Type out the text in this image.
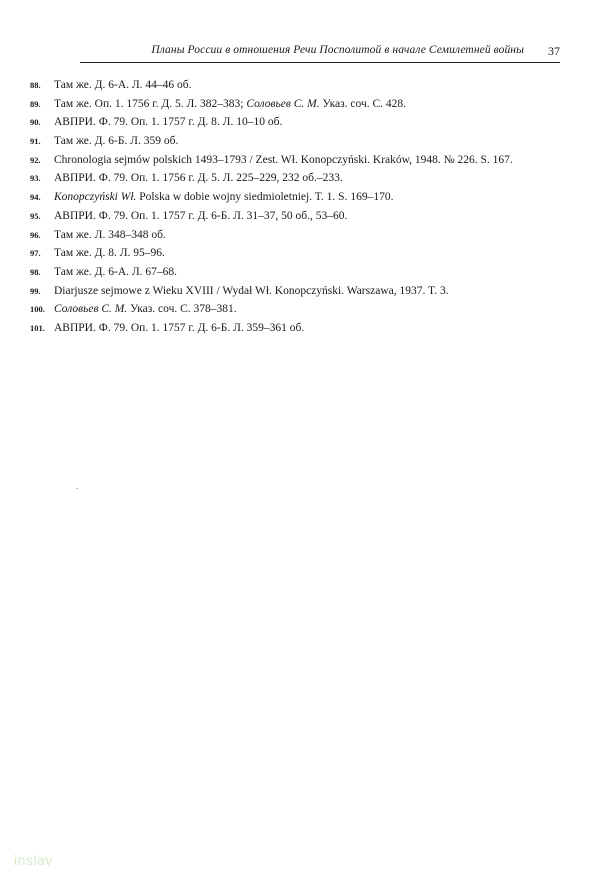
Планы России в отношения Речи Посполитой в начале Семилетней войны 37
88. Там же. Д. 6-А. Л. 44–46 об.
89. Там же. Оп. 1. 1756 г. Д. 5. Л. 382–383; Соловьев С. М. Указ. соч. С. 428.
90. АВПРИ. Ф. 79. Оп. 1. 1757 г. Д. 8. Л. 10–10 об.
91. Там же. Д. 6-Б. Л. 359 об.
92. Chronologia sejmów polskich 1493–1793 / Zest. Wł. Konopczyński. Kraków, 1948. № 226. S. 167.
93. АВПРИ. Ф. 79. Оп. 1. 1756 г. Д. 5. Л. 225–229, 232 об.–233.
94. Konopczyński Wł. Polska w dobie wojny siedmioletniej. T. 1. S. 169–170.
95. АВПРИ. Ф. 79. Оп. 1. 1757 г. Д. 6-Б. Л. 31–37, 50 об., 53–60.
96. Там же. Л. 348–348 об.
97. Там же. Д. 8. Л. 95–96.
98. Там же. Д. 6-А. Л. 67–68.
99. Diarjusze sejmowe z Wieku XVIII / Wydał Wł. Konopczyński. Warszawa, 1937. T. 3.
100. Соловьев С. М. Указ. соч. С. 378–381.
101. АВПРИ. Ф. 79. Оп. 1. 1757 г. Д. 6-Б. Л. 359–361 об.
inslav
